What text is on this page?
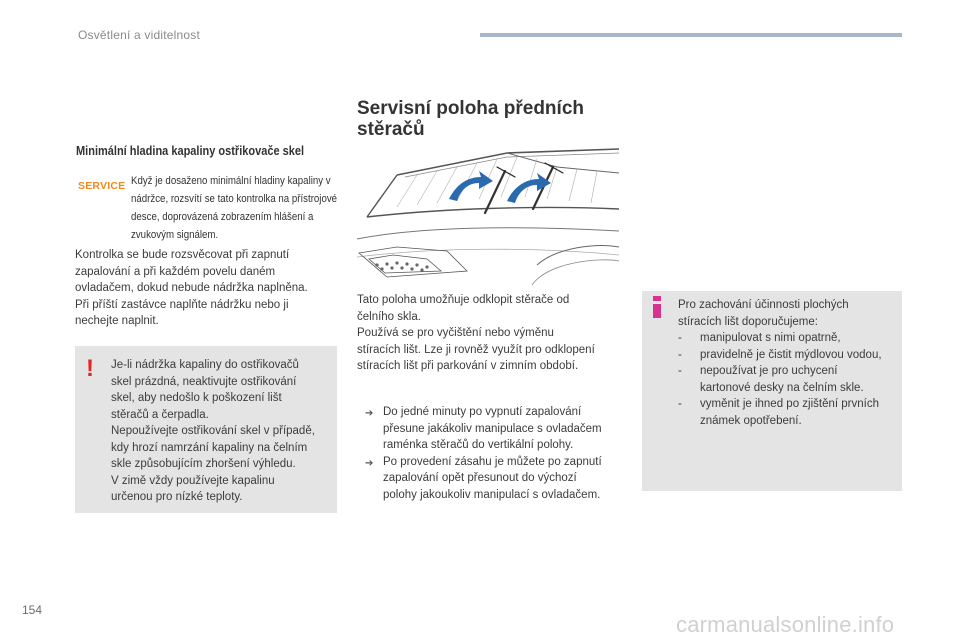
Osvětlení a viditelnost
Minimální hladina kapaliny ostřikovače skel
SERVICE Když je dosaženo minimální hladiny kapaliny v nádržce, rozsvítí se tato kontrolka na přístrojové desce, doprovázená zobrazením hlášení a zvukovým signálem.

Kontrolka se bude rozsvěcovat při zapnutí

zapalování a při každém povelu daném

ovladačem, dokud nebude nádržka naplněna.

Při příští zastávce naplňte nádržku nebo ji

nechejte naplnit.

! Je-li nádržka kapaliny do ostřikovačů

skel prázdná, neaktivujte ostřikování

skel, aby nedošlo k poškození lišt

stěračů a čerpadla.

Nepoužívejte ostřikování skel v případě,

kdy hrozí namrzání kapaliny na čelním

skle způsobujícím zhoršení výhledu.

V zimě vždy používejte kapalinu

určenou pro nízké teploty.

Servisní poloha předních
stěračů

Tato poloha umožňuje odklopit stěrače od

čelního skla.

Používá se pro vyčištění nebo výměnu

stíracích lišt. Lze ji rovněž využít pro odklopení

stíracích lišt při parkování v zimním období.

➔ Do jedné minuty po vypnutí zapalování
přesune jakákoliv manipulace s ovladačem
raménka stěračů do vertikální polohy.
➔ Po provedení zásahu je můžete po zapnutí
zapalování opět přesunout do výchozí
polohy jakoukoliv manipulací s ovladačem.

Pro zachování účinnosti plochých
stíracích lišt doporučujeme:

- manipulovat s nimi opatrně,
- pravidelně je čistit mýdlovou vodou,
- nepoužívat je pro uchycení
kartonové desky na čelním skle.
- vyměnit je ihned po zjištění prvních
známek opotřebení.
154
carmanualsonline.info
